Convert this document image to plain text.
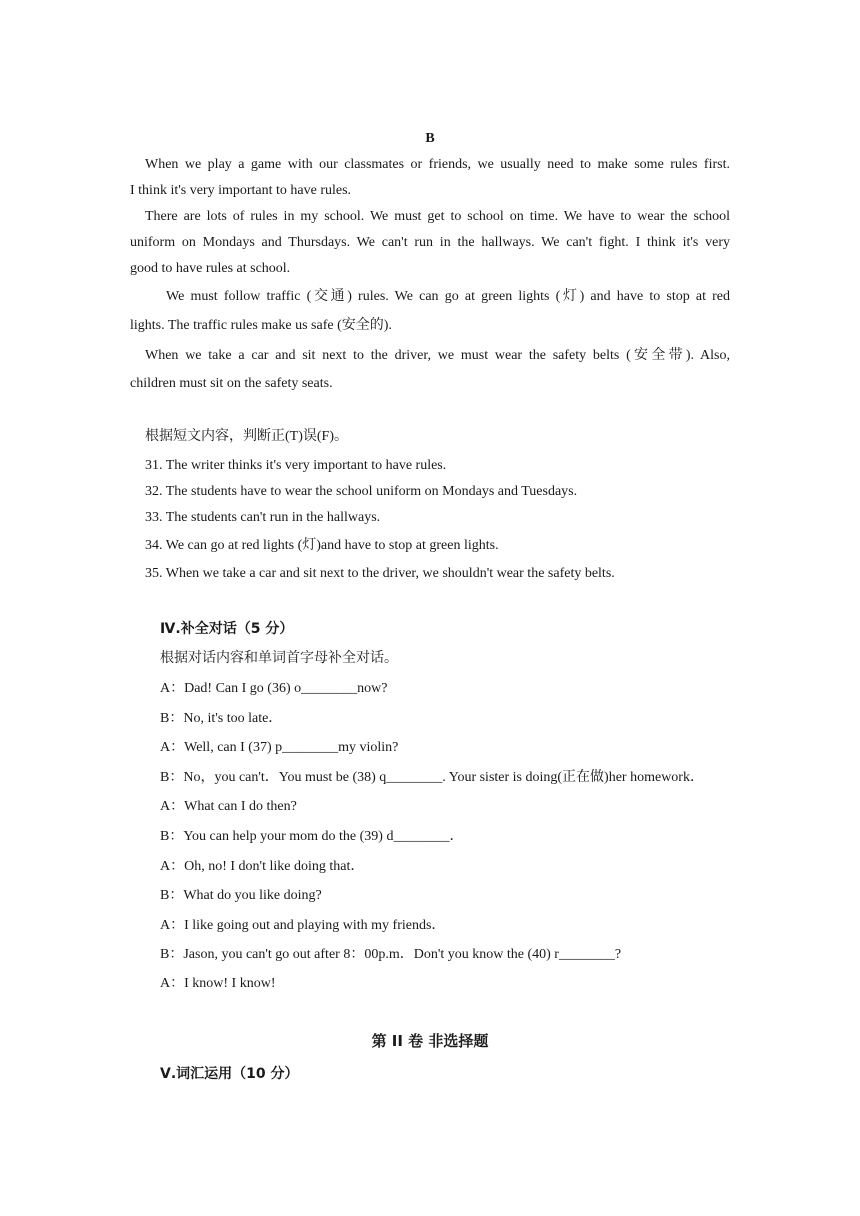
B
When we play a game with our classmates or friends, we usually need to make some rules first.
I think it's very important to have rules.
There are lots of rules in my school. We must get to school on time. We have to wear the school
uniform on Mondays and Thursdays. We can't run in the hallways. We can't fight. I think it's very
good to have rules at school.
We must follow traffic (交通) rules. We can go at green lights (灯) and have to stop at red
lights. The traffic rules make us safe (安全的).
When we take a car and sit next to the driver, we must wear the safety belts (安全带). Also,
children must sit on the safety seats.
根据短文内容，判断正(T)误(F)。
31. The writer thinks it's very important to have rules.
32. The students have to wear the school uniform on Mondays and Tuesdays.
33. The students can't run in the hallways.
34. We can go at red lights (灯)and have to stop at green lights.
35. When we take a car and sit next to the driver, we shouldn't wear the safety belts.
Ⅳ.补全对话（5 分）
根据对话内容和单词首字母补全对话。
A：Dad! Can I go (36) o________now?
B：No, it's too late．
A：Well, can I (37) p________my violin?
B：No，you can't．You must be (38) q________. Your sister is doing(正在做)her homework．
A：What can I do then?
B：You can help your mom do the (39) d________．
A：Oh, no! I don't like doing that．
B：What do you like doing?
A：I like going out and playing with my friends．
B：Jason, you can't go out after 8：00p.m．Don't you know the (40) r________?
A：I know! I know!
第 II 卷 非选择题
Ⅴ.词汇运用（10 分）
